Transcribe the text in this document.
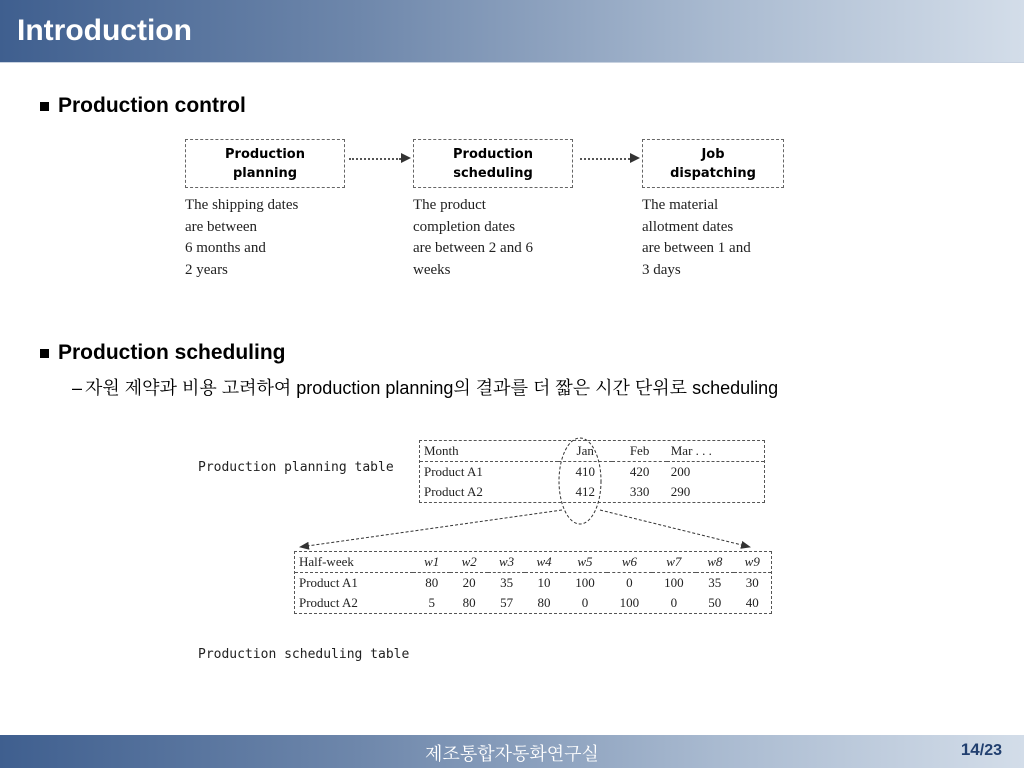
Introduction
Production control
Production
planning
Production
scheduling
Job
dispatching
The shipping dates
are between
6 months and
2 years
The product
completion dates
are between 2 and 6
weeks
The material
allotment dates
are between 1 and
3 days
Production scheduling
– 자원 제약과 비용 고려하여 production planning의 결과를 더 짧은 시간 단위로 scheduling
Production planning table
Month	Jan	Feb	Mar . . .
Product A1	410	420	200
Product A2	412	330	290
Half-week	w1	w2	w3	w4	w5	w6	w7	w8	w9
Product A1	80	20	35	10	100	0	100	35	30
Product A2	5	80	57	80	0	100	0	50	40
Production scheduling table
제조통합자동화연구실	14/23
